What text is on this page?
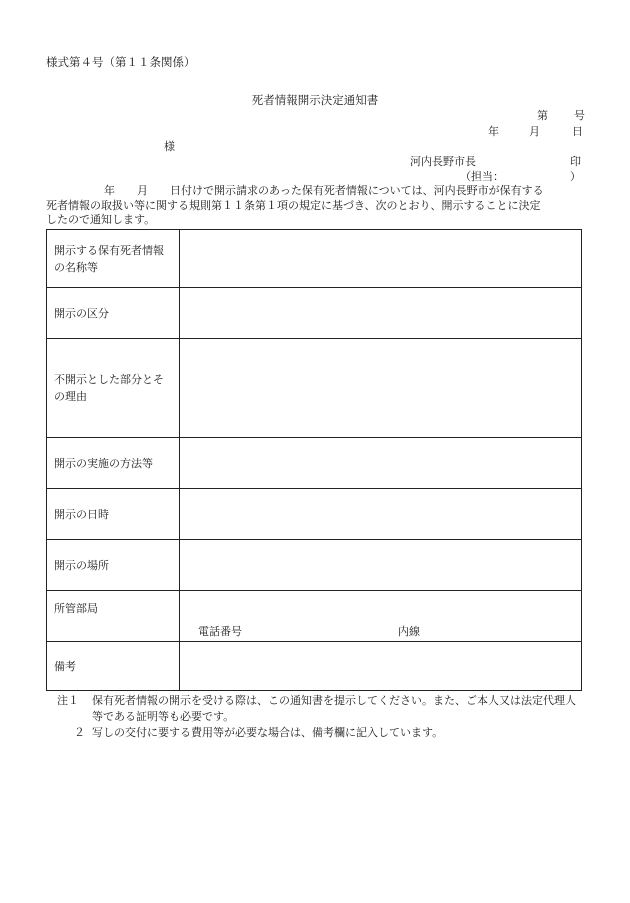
様式第４号（第１１条関係）
死者情報開示決定通知書
第 号
年	月	日
様
河内長野市長	印
（担当：	）
年 月 日付けで開示請求のあった保有死者情報については、河内長野市が保有する
死者情報の取扱い等に関する規則第１１条第１項の規定に基づき、次のとおり、開示することに決定
したので通知します。
開示する保有死者情報の名称等	

開示の区分	

不開示とした部分とその理由	

開示の実施の方法等	

開示の日時	

開示の場所	

所管部局	電話番号 内線

備考	

注１ 保有死者情報の開示を受ける際は、この通知書を提示してください。また、ご本人又は法定代理人等である証明等も必要です。
２ 写しの交付に要する費用等が必要な場合は、備考欄に記入しています。
